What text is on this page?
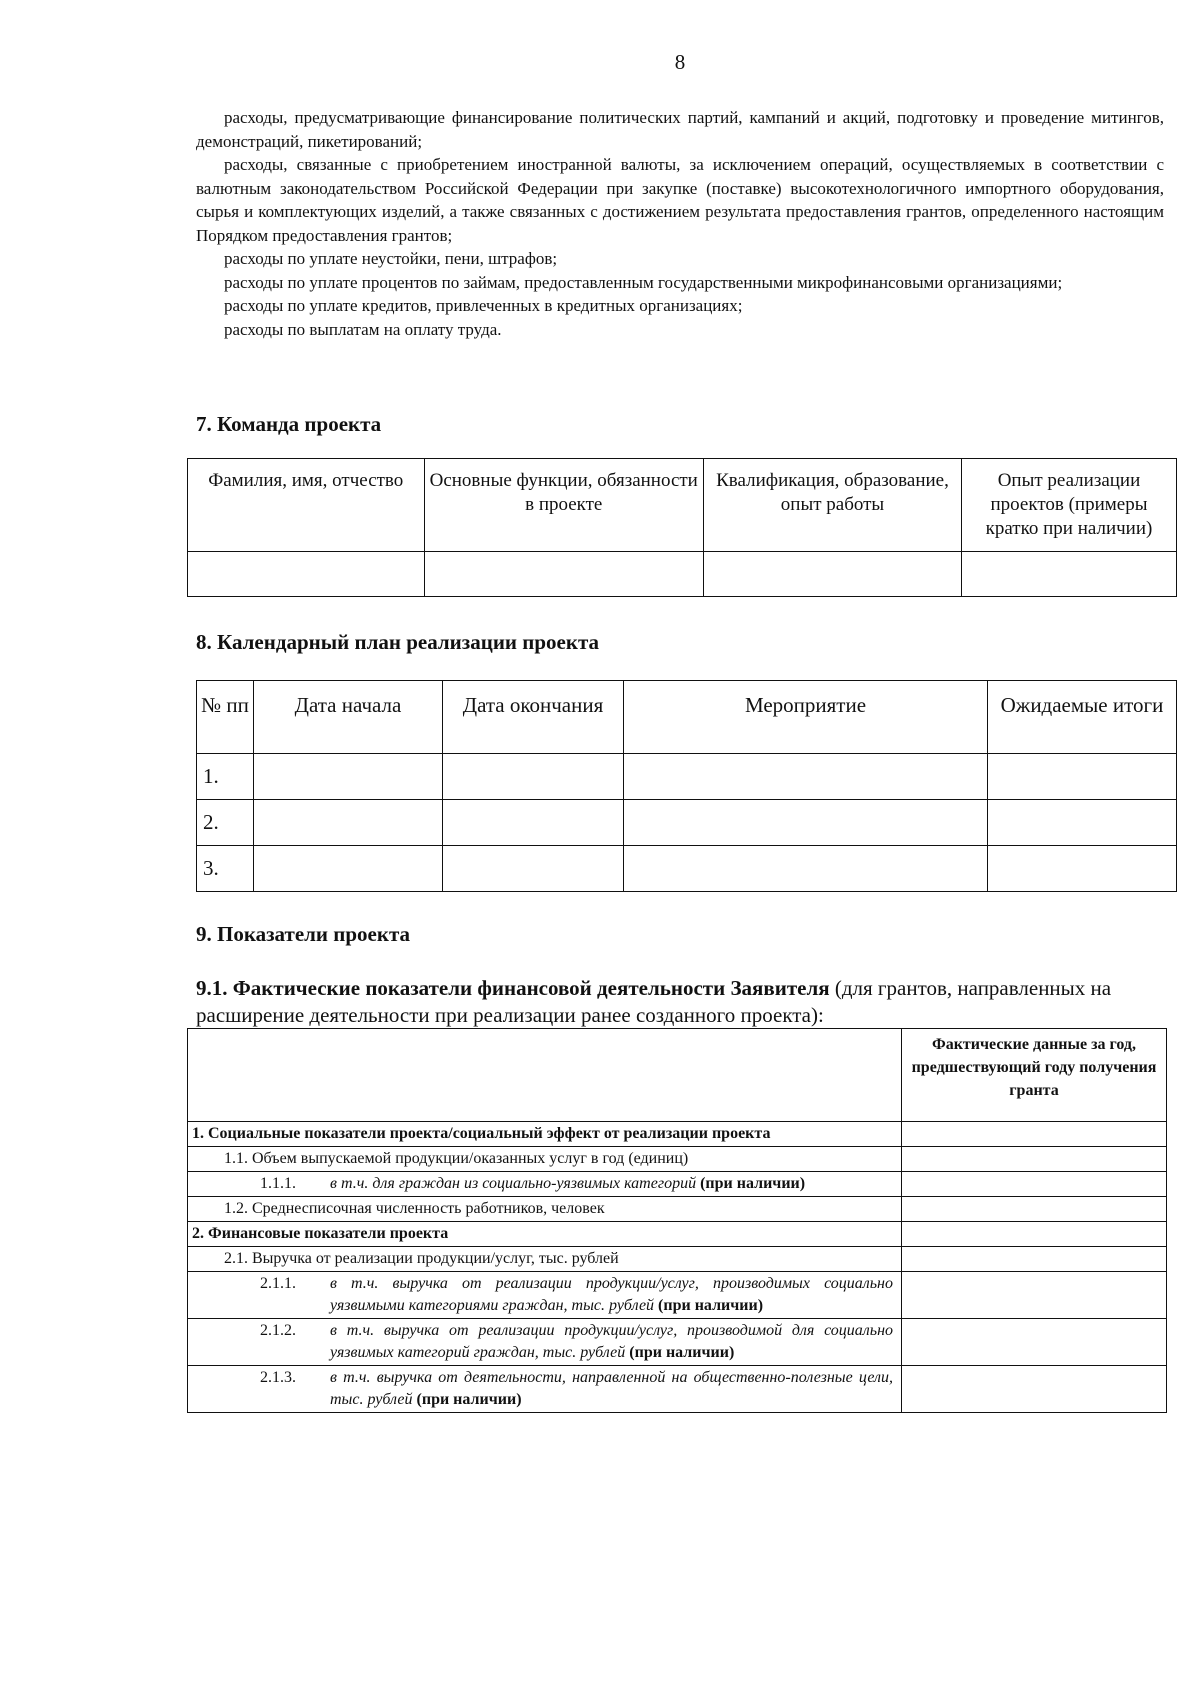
8

расходы, предусматривающие финансирование политических партий, кампаний и акций, подготовку и проведение митингов, демонстраций, пикетирований;

расходы, связанные с приобретением иностранной валюты, за исключением операций, осуществляемых в соответствии с валютным законодательством Российской Федерации при закупке (поставке) высокотехнологичного импортного оборудования, сырья и комплектующих изделий, а также связанных с достижением результата предоставления грантов, определенного настоящим Порядком предоставления грантов;

расходы по уплате неустойки, пени, штрафов;

расходы по уплате процентов по займам, предоставленным государственными микрофинансовыми организациями;

расходы по уплате кредитов, привлеченных в кредитных организациях;

расходы по выплатам на оплату труда.

7. Команда проекта
Фамилия, имя, отчество	Основные функции, обязанности в проекте	Квалификация, образование, опыт работы	Опыт реализации проектов (примеры кратко при наличии)

8. Календарный план реализации проекта
№ пп	Дата начала	Дата окончания	Мероприятие	Ожидаемые итоги
1.				
2.				
3.				
9. Показатели проекта
9.1. Фактические показатели финансовой деятельности Заявителя (для грантов, направленных на расширение деятельности при реализации ранее созданного проекта):
	Фактические данные за год, предшествующий году получения гранта
1. Социальные показатели проекта/социальный эффект от реализации проекта	
1.1. Объем выпускаемой продукции/оказанных услуг в год (единиц)	

1.1.1. в т.ч. для граждан из социально-уязвимых категорий (при наличии)	

1.2. Среднесписочная численность работников, человек	
2. Финансовые показатели проекта	
2.1. Выручка от реализации продукции/услуг, тыс. рублей	

2.1.1. в т.ч. выручка от реализации продукции/услуг, производимых социально уязвимыми категориями граждан, тыс. рублей (при наличии)	

2.1.2. в т.ч. выручка от реализации продукции/услуг, производимой для социально уязвимых категорий граждан, тыс. рублей (при наличии)	

2.1.3. в т.ч. выручка от деятельности, направленной на общественно-полезные цели, тыс. рублей (при наличии)	
